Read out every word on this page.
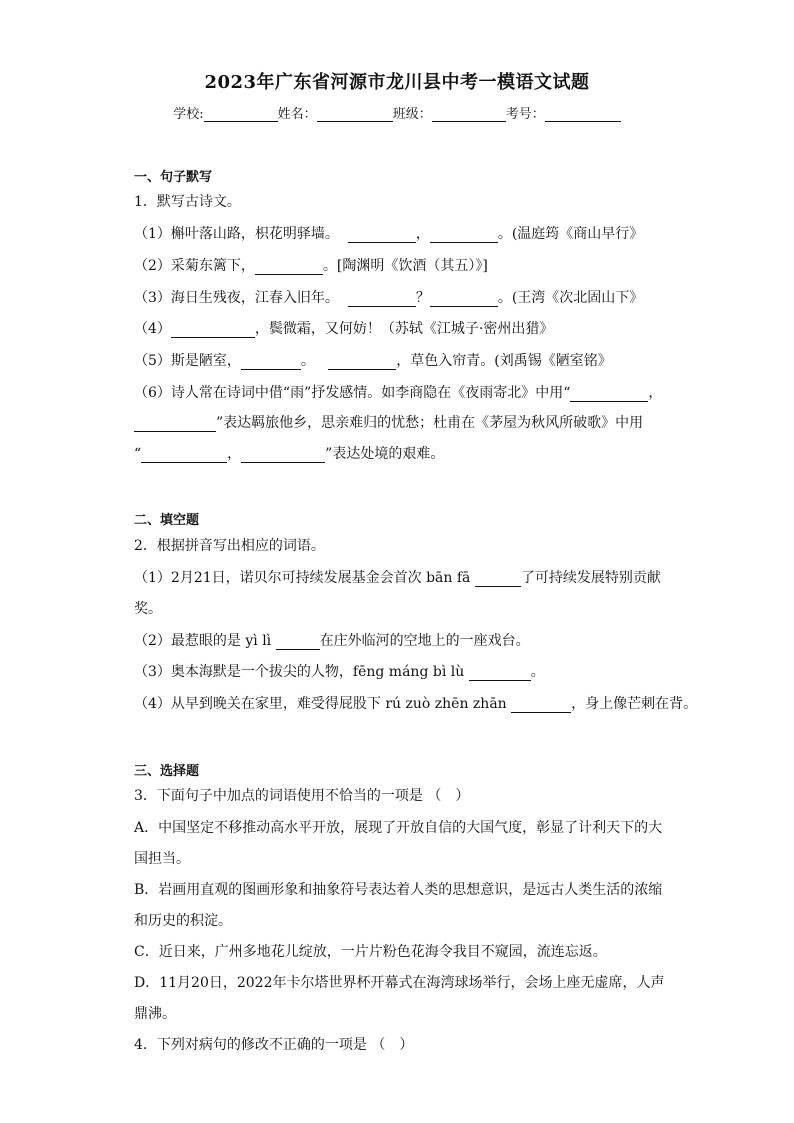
2023年广东省河源市龙川县中考一模语文试题
学校:	姓名：	班级：	考号：
一、句子默写
1．默写古诗文。
（1）槲叶落山路，枳花明驿墙。	，	。(温庭筠《商山早行》
（2）采菊东篱下，	。[陶渊明《饮酒（其五）》]
（3）海日生残夜，江春入旧年。	？	。(王湾《次北固山下》
（4）	，鬓微霜，又何妨！（苏轼《江城子·密州出猎》
（5）斯是陋室，	。	，草色入帘青。(刘禹锡《陋室铭》
（6）诗人常在诗词中借“雨”抒发感情。如李商隐在《夜雨寄北》中用“	，
”表达羁旅他乡，思亲难归的忧愁；杜甫在《茅屋为秋风所破歌》中用
“	，	”表达处境的艰难。
二、填空题
2．根据拼音写出相应的词语。
（1）2月21日，诺贝尔可持续发展基金会首次 bān fā	了可持续发展特别贡献
奖。
（2）最惹眼的是 yì lì	在庄外临河的空地上的一座戏台。
（3）奥本海默是一个拔尖的人物，fēng máng bì lù	。
（4）从早到晚关在家里，难受得屁股下 rú zuò zhēn zhān	，身上像芒刺在背。
三、选择题
3．下面句子中加点的词语使用不恰当的一项是 （　）
A．中国坚定不移推动高水平开放，展现了开放自信的大国气度，彰显了计利天下的大
国担当。
B．岩画用直观的图画形象和抽象符号表达着人类的思想意识，是远古人类生活的浓缩
和历史的积淀。
C．近日来，广州多地花儿绽放，一片片粉色花海令我目不窥园，流连忘返。
D．11月20日，2022年卡尔塔世界杯开幕式在海湾球场举行，会场上座无虚席，人声
鼎沸。
4．下列对病句的修改不正确的一项是 （　）
